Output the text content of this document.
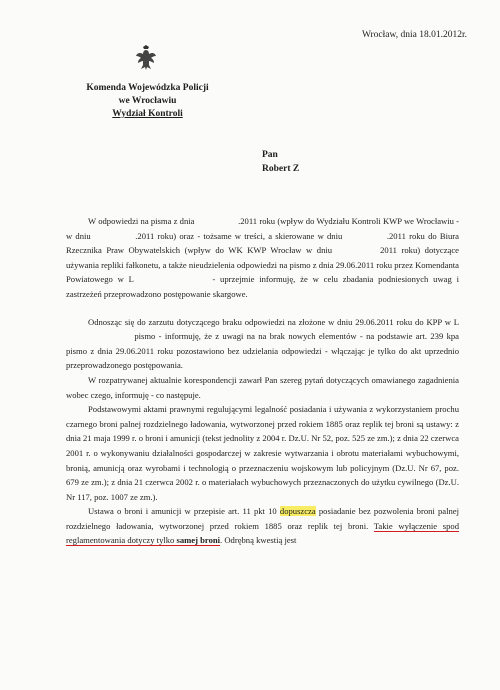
Wrocław, dnia 18.01.2012r.
Komenda Wojewódzka Policji
we Wrocławiu
Wydział Kontroli
Pan
Robert Z

W odpowiedzi na pisma z dnia	.2011 roku (wpływ do Wydziału Kontroli KWP we Wrocławiu - w dniu	.2011 roku) oraz - tożsame w treści, a skierowane w dniu	.2011 roku do Biura Rzecznika Praw Obywatelskich (wpływ do WK KWP Wrocław w dniu	2011 roku) dotyczące używania repliki fałkonetu, a także nieudzielenia odpowiedzi na pismo z dnia 29.06.2011 roku przez Komendanta Powiatowego w L	- uprzejmie informuję, że w celu zbadania podniesionych uwag i zastrzeżeń przeprowadzono postępowanie skargowe.

Odnosząc się do zarzutu dotyczącego braku odpowiedzi na złożone w dniu 29.06.2011 roku do KPP w L pismo - informuję, że z uwagi na na brak nowych elementów - na podstawie art. 239 kpa pismo z dnia 29.06.2011 roku pozostawiono bez udzielania odpowiedzi - włączając je tylko do akt uprzednio przeprowadzonego postępowania.

W rozpatrywanej aktualnie korespondencji zawarł Pan szereg pytań dotyczących omawianego zagadnienia wobec czego, informuję - co następuje.

Podstawowymi aktami prawnymi regulującymi legalność posiadania i używania z wykorzystaniem prochu czarnego broni palnej rozdzielnego ładowania, wytworzonej przed rokiem 1885 oraz replik tej broni są ustawy: z dnia 21 maja 1999 r. o broni i amunicji (tekst jednolity z 2004 r. Dz.U. Nr 52, poz. 525 ze zm.); z dnia 22 czerwca 2001 r. o wykonywaniu działalności gospodarczej w zakresie wytwarzania i obrotu materiałami wybuchowymi, bronią, amunicją oraz wyrobami i technologią o przeznaczeniu wojskowym lub policyjnym (Dz.U. Nr 67, poz. 679 ze zm.); z dnia 21 czerwca 2002 r. o materiałach wybuchowych przeznaczonych do użytku cywilnego (Dz.U. Nr 117, poz. 1007 ze zm.).

Ustawa o broni i amunicji w przepisie art. 11 pkt 10 dopuszcza posiadanie bez pozwolenia broni palnej rozdzielnego ładowania, wytworzonej przed rokiem 1885 oraz replik tej broni. Takie wyłączenie spod reglamentowania dotyczy tylko samej broni. Odrębną kwestią jest
